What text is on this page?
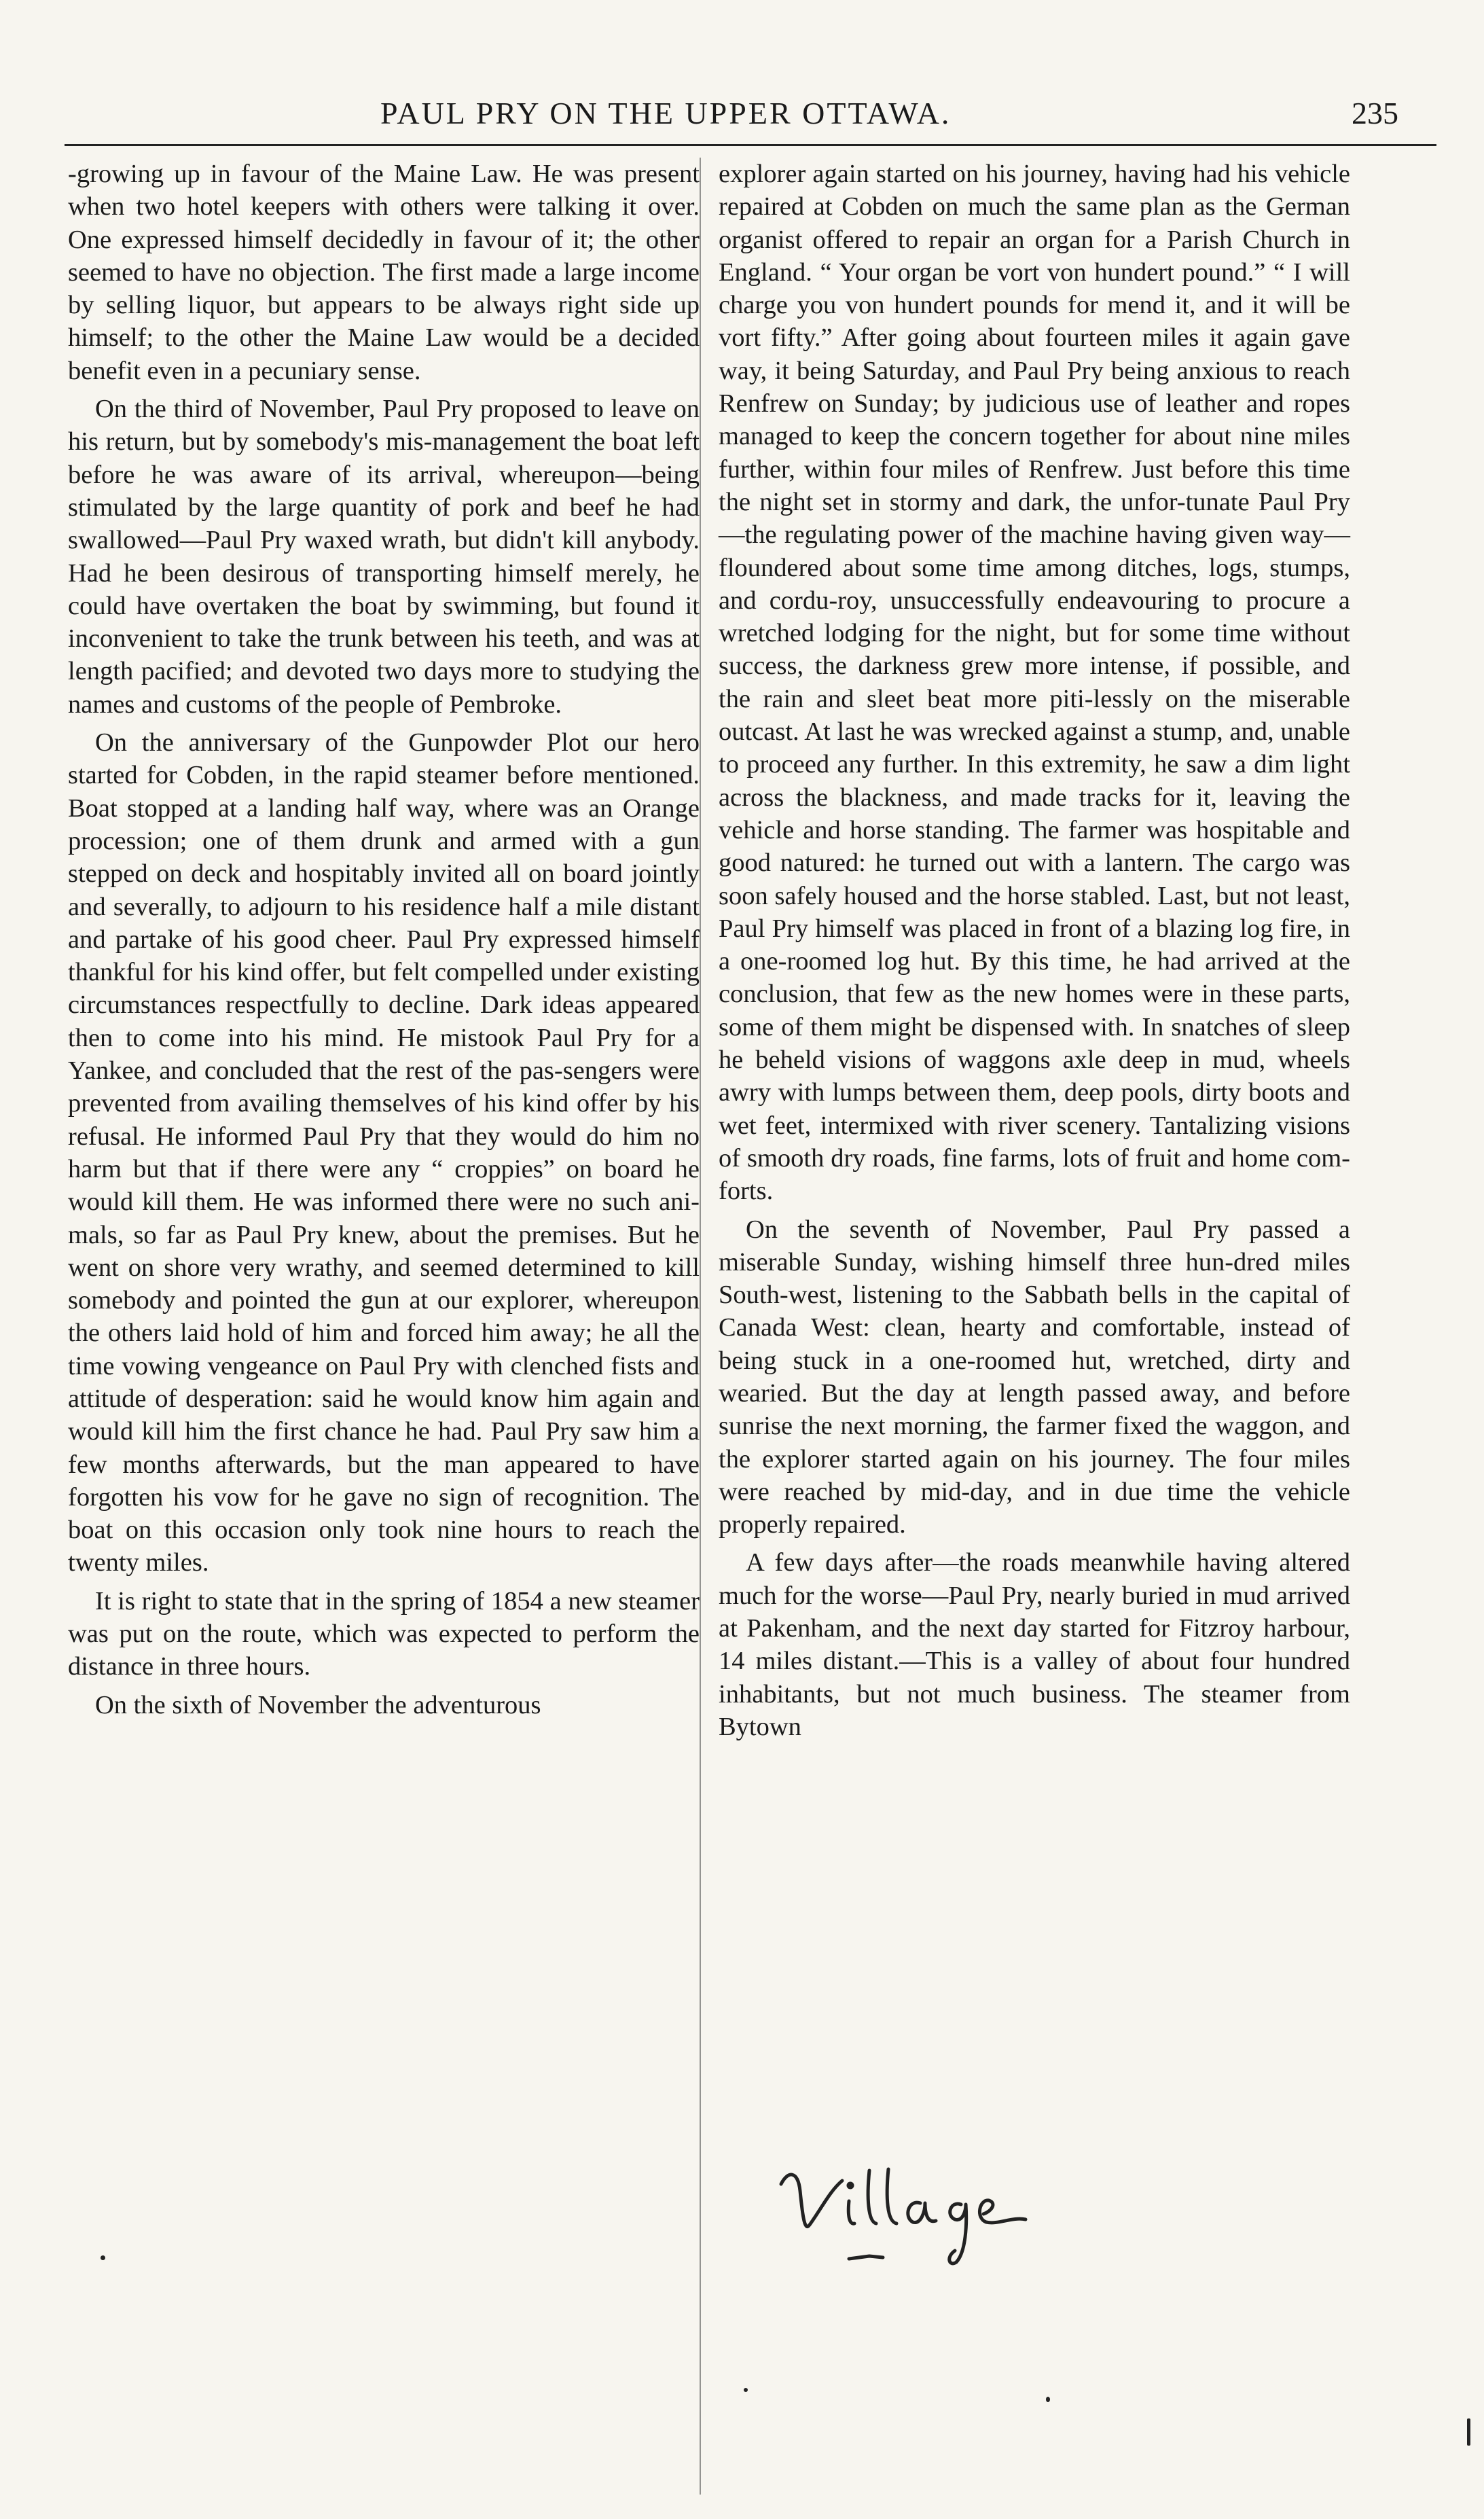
PAUL PRY ON THE UPPER OTTAWA.	235

-growing up in favour of the Maine Law. He was present when two hotel keepers with others were talking it over. One expressed himself decidedly in favour of it; the other seemed to have no objection. The first made a large income by selling liquor, but appears to be always right side up himself; to the other the Maine Law would be a decided benefit even in a pecuniary sense.

On the third of November, Paul Pry proposed to leave on his return, but by somebody's mis-management the boat left before he was aware of its arrival, whereupon—being stimulated by the large quantity of pork and beef he had swallowed—Paul Pry waxed wrath, but didn't kill anybody. Had he been desirous of transporting himself merely, he could have overtaken the boat by swimming, but found it inconvenient to take the trunk between his teeth, and was at length pacified; and devoted two days more to studying the names and customs of the people of Pembroke.

On the anniversary of the Gunpowder Plot our hero started for Cobden, in the rapid steamer before mentioned. Boat stopped at a landing half way, where was an Orange procession; one of them drunk and armed with a gun stepped on deck and hospitably invited all on board jointly and severally, to adjourn to his residence half a mile distant and partake of his good cheer. Paul Pry expressed himself thankful for his kind offer, but felt compelled under existing circumstances respectfully to decline. Dark ideas appeared then to come into his mind. He mistook Paul Pry for a Yankee, and concluded that the rest of the pas-sengers were prevented from availing themselves of his kind offer by his refusal. He informed Paul Pry that they would do him no harm but that if there were any “ croppies” on board he would kill them. He was informed there were no such ani-mals, so far as Paul Pry knew, about the premises. But he went on shore very wrathy, and seemed determined to kill somebody and pointed the gun at our explorer, whereupon the others laid hold of him and forced him away; he all the time vowing vengeance on Paul Pry with clenched fists and attitude of desperation: said he would know him again and would kill him the first chance he had. Paul Pry saw him a few months afterwards, but the man appeared to have forgotten his vow for he gave no sign of recognition. The boat on this occasion only took nine hours to reach the twenty miles.

It is right to state that in the spring of 1854 a new steamer was put on the route, which was expected to perform the distance in three hours.

On the sixth of November the adventurous

explorer again started on his journey, having had his vehicle repaired at Cobden on much the same plan as the German organist offered to repair an organ for a Parish Church in England. “ Your organ be vort von hundert pound.” “ I will charge you von hundert pounds for mend it, and it will be vort fifty.” After going about fourteen miles it again gave way, it being Saturday, and Paul Pry being anxious to reach Renfrew on Sunday; by judicious use of leather and ropes managed to keep the concern together for about nine miles further, within four miles of Renfrew. Just before this time the night set in stormy and dark, the unfor-tunate Paul Pry—the regulating power of the machine having given way—floundered about some time among ditches, logs, stumps, and cordu-roy, unsuccessfully endeavouring to procure a wretched lodging for the night, but for some time without success, the darkness grew more intense, if possible, and the rain and sleet beat more piti-lessly on the miserable outcast. At last he was wrecked against a stump, and, unable to proceed any further. In this extremity, he saw a dim light across the blackness, and made tracks for it, leaving the vehicle and horse standing. The farmer was hospitable and good natured: he turned out with a lantern. The cargo was soon safely housed and the horse stabled. Last, but not least, Paul Pry himself was placed in front of a blazing log fire, in a one-roomed log hut. By this time, he had arrived at the conclusion, that few as the new homes were in these parts, some of them might be dispensed with. In snatches of sleep he beheld visions of waggons axle deep in mud, wheels awry with lumps between them, deep pools, dirty boots and wet feet, intermixed with river scenery. Tantalizing visions of smooth dry roads, fine farms, lots of fruit and home com-forts.

On the seventh of November, Paul Pry passed a miserable Sunday, wishing himself three hun-dred miles South-west, listening to the Sabbath bells in the capital of Canada West: clean, hearty and comfortable, instead of being stuck in a one-roomed hut, wretched, dirty and wearied. But the day at length passed away, and before sunrise the next morning, the farmer fixed the waggon, and the explorer started again on his journey. The four miles were reached by mid-day, and in due time the vehicle properly repaired.

A few days after—the roads meanwhile having altered much for the worse—Paul Pry, nearly buried in mud arrived at Pakenham, and the next day started for Fitzroy harbour, 14 miles distant.—This is a valley of about four hundred inhabitants, but not much business. The steamer from Bytown
